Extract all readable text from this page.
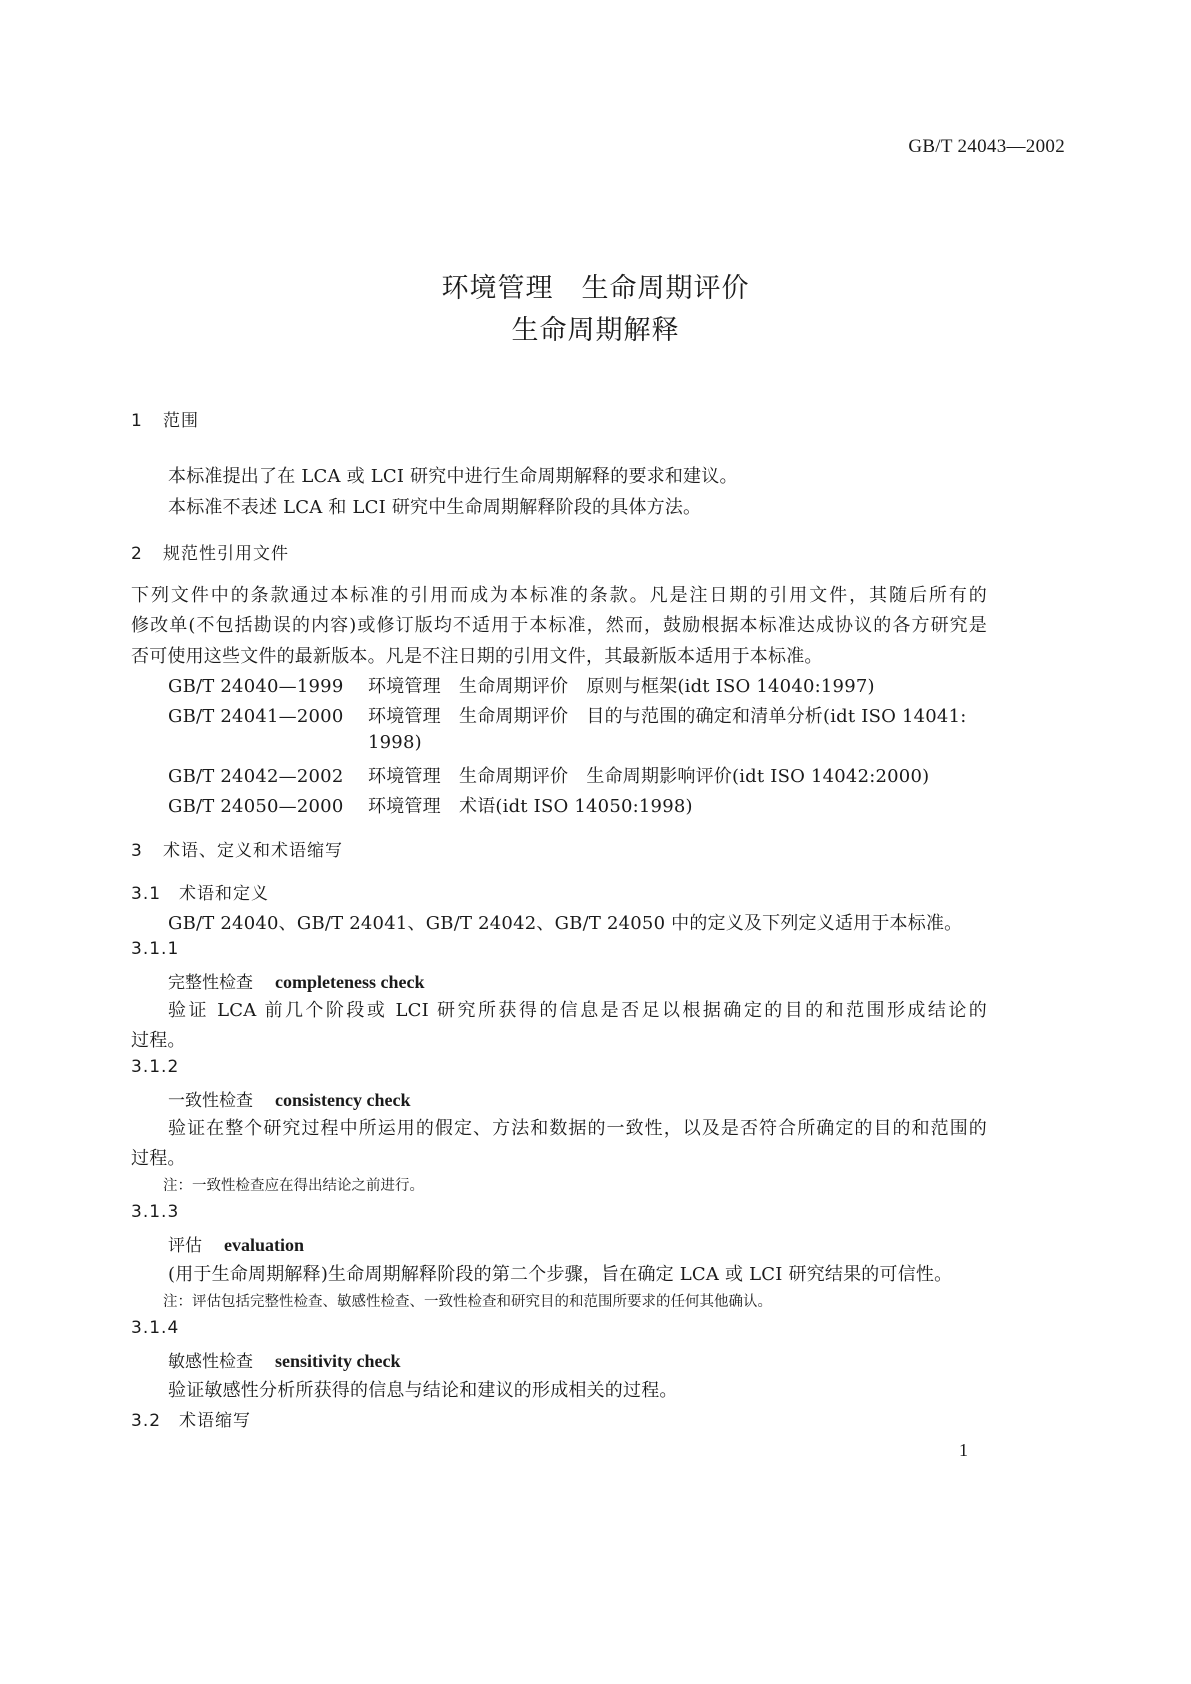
GB/T 24043—2002
环境管理　生命周期评价
生命周期解释
1 范围
本标准提出了在 LCA 或 LCI 研究中进行生命周期解释的要求和建议。
本标准不表述 LCA 和 LCI 研究中生命周期解释阶段的具体方法。
2 规范性引用文件
下列文件中的条款通过本标准的引用而成为本标准的条款。凡是注日期的引用文件，其随后所有的
修改单(不包括勘误的内容)或修订版均不适用于本标准，然而，鼓励根据本标准达成协议的各方研究是
否可使用这些文件的最新版本。凡是不注日期的引用文件，其最新版本适用于本标准。
GB/T 24040—1999 环境管理　生命周期评价　原则与框架(idt ISO 14040:1997)
GB/T 24041—2000 环境管理　生命周期评价　目的与范围的确定和清单分析(idt ISO 14041:
1998)
GB/T 24042—2002 环境管理　生命周期评价　生命周期影响评价(idt ISO 14042:2000)
GB/T 24050—2000 环境管理　术语(idt ISO 14050:1998)
3 术语、定义和术语缩写
3.1 术语和定义
GB/T 24040、GB/T 24041、GB/T 24042、GB/T 24050 中的定义及下列定义适用于本标准。
3.1.1
完整性检查 completeness check
验证 LCA 前几个阶段或 LCI 研究所获得的信息是否足以根据确定的目的和范围形成结论的
过程。
3.1.2
一致性检查 consistency check
验证在整个研究过程中所运用的假定、方法和数据的一致性，以及是否符合所确定的目的和范围的
过程。
注：一致性检查应在得出结论之前进行。
3.1.3
评估 evaluation
(用于生命周期解释)生命周期解释阶段的第二个步骤，旨在确定 LCA 或 LCI 研究结果的可信性。
注：评估包括完整性检查、敏感性检查、一致性检查和研究目的和范围所要求的任何其他确认。
3.1.4
敏感性检查 sensitivity check
验证敏感性分析所获得的信息与结论和建议的形成相关的过程。
3.2 术语缩写
1
